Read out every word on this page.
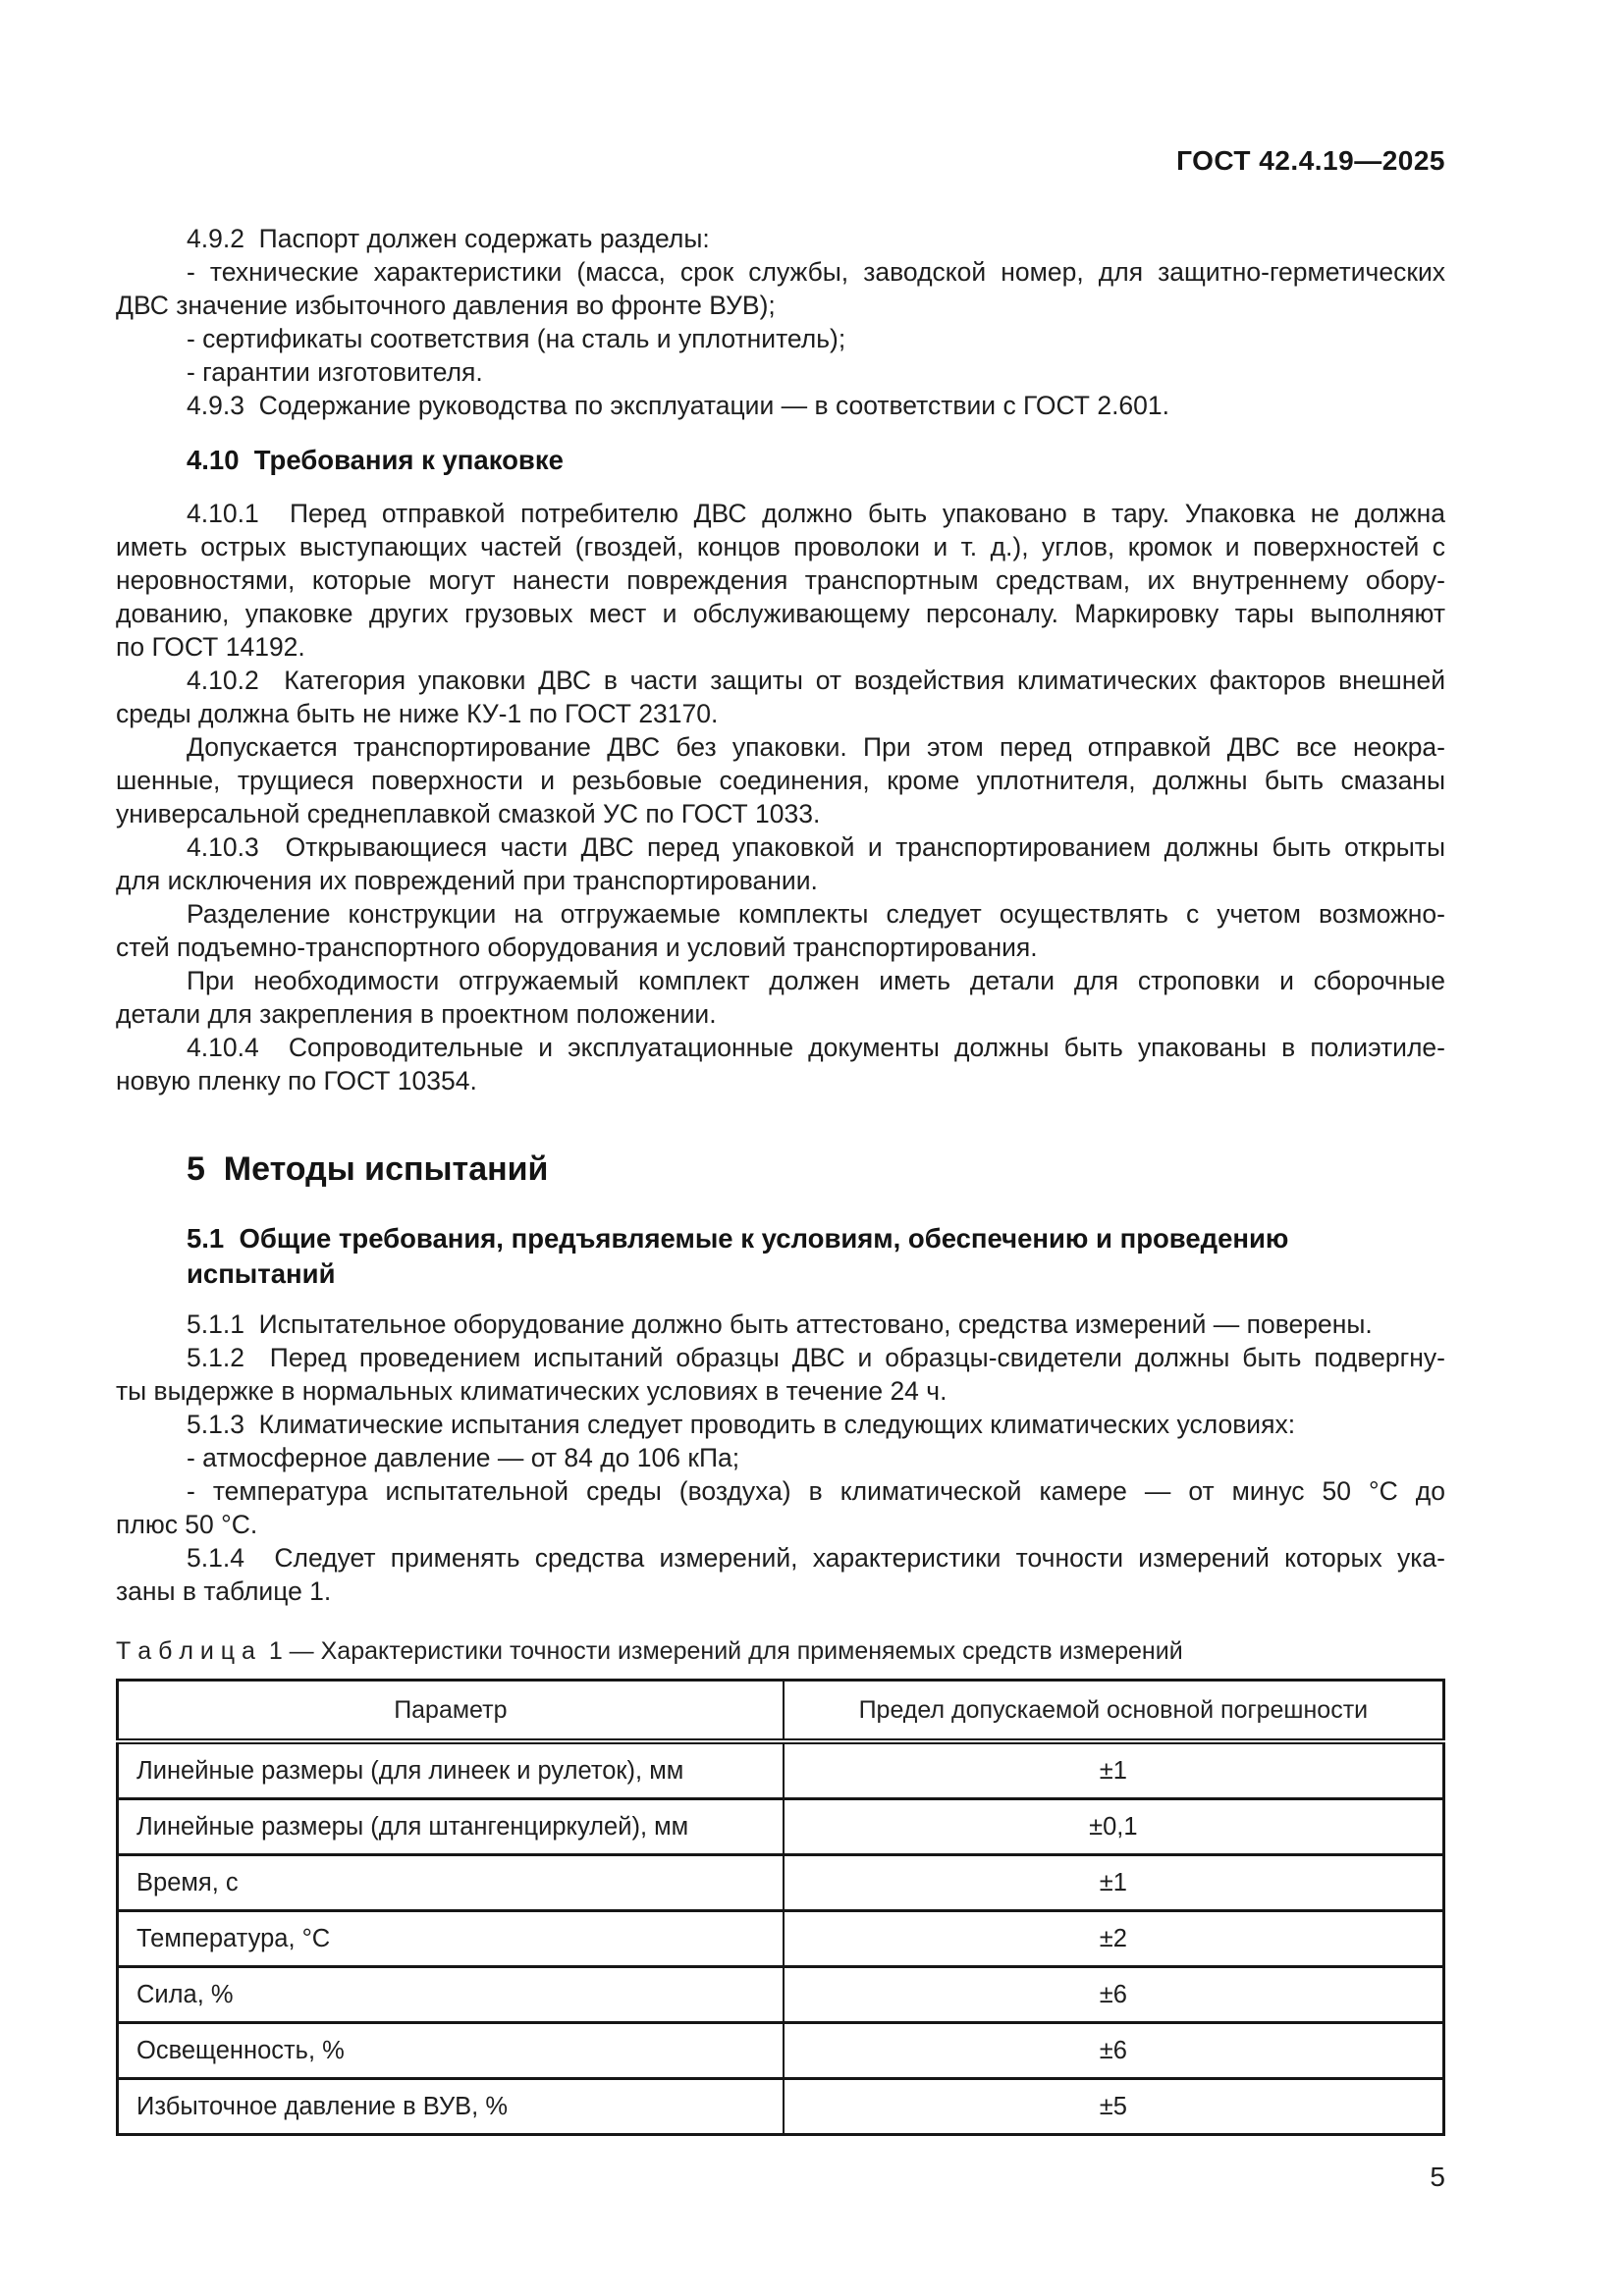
ГОСТ 42.4.19—2025
4.9.2  Паспорт должен содержать разделы:
- технические характеристики (масса, срок службы, заводской номер, для защитно-герметических
ДВС значение избыточного давления во фронте ВУВ);
- сертификаты соответствия (на сталь и уплотнитель);
- гарантии изготовителя.
4.9.3  Содержание руководства по эксплуатации — в соответствии с ГОСТ 2.601.
4.10  Требования к упаковке
4.10.1  Перед отправкой потребителю ДВС должно быть упаковано в тару. Упаковка не должна
иметь острых выступающих частей (гвоздей, концов проволоки и т. д.), углов, кромок и поверхностей с
неровностями, которые могут нанести повреждения транспортным средствам, их внутреннему обору-
дованию, упаковке других грузовых мест и обслуживающему персоналу. Маркировку тары выполняют
по ГОСТ 14192.
4.10.2  Категория упаковки ДВС в части защиты от воздействия климатических факторов внешней
среды должна быть не ниже КУ-1 по ГОСТ 23170.
Допускается транспортирование ДВС без упаковки. При этом перед отправкой ДВС все неокра-
шенные, трущиеся поверхности и резьбовые соединения, кроме уплотнителя, должны быть смазаны
универсальной среднеплавкой смазкой УС по ГОСТ 1033.
4.10.3  Открывающиеся части ДВС перед упаковкой и транспортированием должны быть открыты
для исключения их повреждений при транспортировании.
Разделение конструкции на отгружаемые комплекты следует осуществлять с учетом возможно-
стей подъемно-транспортного оборудования и условий транспортирования.
При необходимости отгружаемый комплект должен иметь детали для строповки и сборочные
детали для закрепления в проектном положении.
4.10.4  Сопроводительные и эксплуатационные документы должны быть упакованы в полиэтиле-
новую пленку по ГОСТ 10354.
5  Методы испытаний
5.1  Общие требования, предъявляемые к условиям, обеспечению и проведению
испытаний
5.1.1  Испытательное оборудование должно быть аттестовано, средства измерений — поверены.
5.1.2  Перед проведением испытаний образцы ДВС и образцы-свидетели должны быть подвергну-
ты выдержке в нормальных климатических условиях в течение 24 ч.
5.1.3  Климатические испытания следует проводить в следующих климатических условиях:
- атмосферное давление — от 84 до 106 кПа;
- температура испытательной среды (воздуха) в климатической камере — от минус 50 °С до
плюс 50 °С.
5.1.4  Следует применять средства измерений, характеристики точности измерений которых ука-
заны в таблице 1.
Т а б л и ц а  1 — Характеристики точности измерений для применяемых средств измерений
Параметр	Предел допускаемой основной погрешности
Линейные размеры (для линеек и рулеток), мм	±1
Линейные размеры (для штангенциркулей), мм	±0,1
Время, с	±1
Температура, °С	±2
Сила, %	±6
Освещенность, %	±6
Избыточное давление в ВУВ, %	±5
5
